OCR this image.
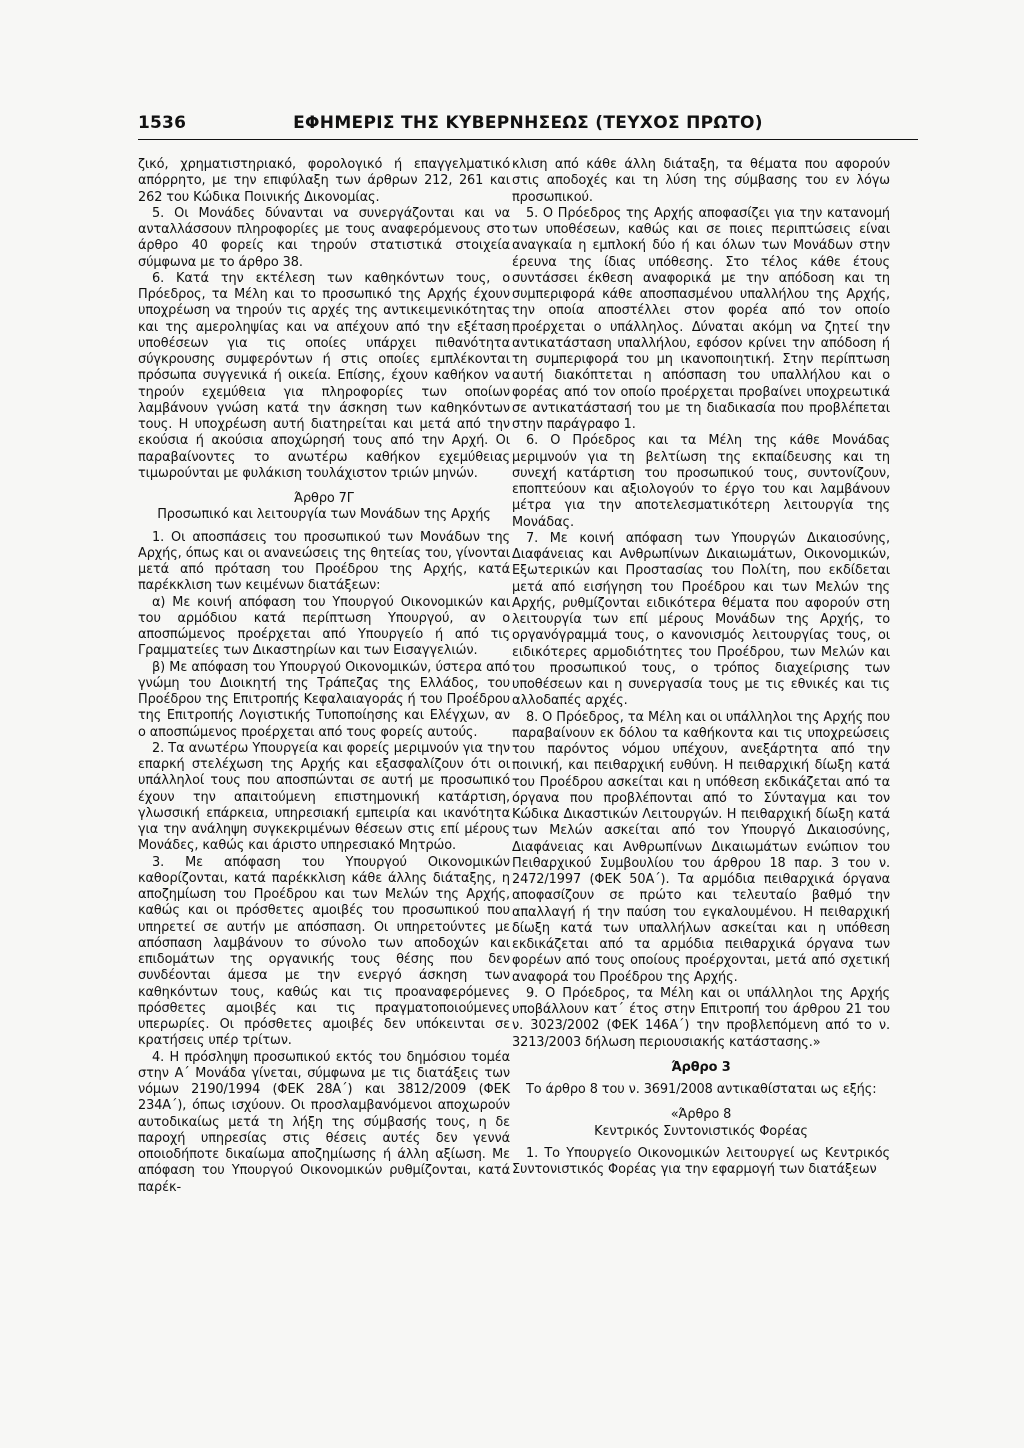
1536	ΕΦΗΜΕΡΙΣ ΤΗΣ ΚΥΒΕΡΝΗΣΕΩΣ (ΤΕΥΧΟΣ ΠΡΩΤΟ)

ζικό, χρηματιστηριακό, φορολογικό ή επαγγελματικό απόρρητο, με την επιφύλαξη των άρθρων 212, 261 και 262 του Κώδικα Ποινικής Δικονομίας.

5. Οι Μονάδες δύνανται να συνεργάζονται και να ανταλλάσσουν πληροφορίες με τους αναφερόμενους στο άρθρο 40 φορείς και τηρούν στατιστικά στοιχεία σύμφωνα με το άρθρο 38.

6. Κατά την εκτέλεση των καθηκόντων τους, ο Πρόεδρος, τα Μέλη και το προσωπικό της Αρχής έχουν υποχρέωση να τηρούν τις αρχές της αντικειμενικότητας και της αμεροληψίας και να απέχουν από την εξέταση υποθέσεων για τις οποίες υπάρχει πιθανότητα σύγκρουσης συμφερόντων ή στις οποίες εμπλέκονται πρόσωπα συγγενικά ή οικεία. Επίσης, έχουν καθήκον να τηρούν εχεμύθεια για πληροφορίες των οποίων λαμβάνουν γνώση κατά την άσκηση των καθηκόντων τους. Η υποχρέωση αυτή διατηρείται και μετά από την εκούσια ή ακούσια αποχώρησή τους από την Αρχή. Οι παραβαίνοντες το ανωτέρω καθήκον εχεμύθειας τιμωρούνται με φυλάκιση τουλάχιστον τριών μηνών.

Άρθρο 7Γ

Προσωπικό και λειτουργία των Μονάδων της Αρχής

1. Οι αποσπάσεις του προσωπικού των Μονάδων της Αρχής, όπως και οι ανανεώσεις της θητείας του, γίνονται μετά από πρόταση του Προέδρου της Αρχής, κατά παρέκκλιση των κειμένων διατάξεων:

α) Με κοινή απόφαση του Υπουργού Οικονομικών και του αρμόδιου κατά περίπτωση Υπουργού, αν ο αποσπώμενος προέρχεται από Υπουργείο ή από τις Γραμματείες των Δικαστηρίων και των Εισαγγελιών.

β) Με απόφαση του Υπουργού Οικονομικών, ύστερα από γνώμη του Διοικητή της Τράπεζας της Ελλάδος, του Προέδρου της Επιτροπής Κεφαλαιαγοράς ή του Προέδρου της Επιτροπής Λογιστικής Τυποποίησης και Ελέγχων, αν ο αποσπώμενος προέρχεται από τους φορείς αυτούς.

2. Τα ανωτέρω Υπουργεία και φορείς μεριμνούν για την επαρκή στελέχωση της Αρχής και εξασφαλίζουν ότι οι υπάλληλοί τους που αποσπώνται σε αυτή με προσωπικό έχουν την απαιτούμενη επιστημονική κατάρτιση, γλωσσική επάρκεια, υπηρεσιακή εμπειρία και ικανότητα για την ανάληψη συγκεκριμένων θέσεων στις επί μέρους Μονάδες, καθώς και άριστο υπηρεσιακό Μητρώο.

3. Με απόφαση του Υπουργού Οικονομικών καθορίζονται, κατά παρέκκλιση κάθε άλλης διάταξης, η αποζημίωση του Προέδρου και των Μελών της Αρχής, καθώς και οι πρόσθετες αμοιβές του προσωπικού που υπηρετεί σε αυτήν με απόσπαση. Οι υπηρετούντες με απόσπαση λαμβάνουν το σύνολο των αποδοχών και επιδομάτων της οργανικής τους θέσης που δεν συνδέονται άμεσα με την ενεργό άσκηση των καθηκόντων τους, καθώς και τις προαναφερόμενες πρόσθετες αμοιβές και τις πραγματοποιούμενες υπερωρίες. Οι πρόσθετες αμοιβές δεν υπόκεινται σε κρατήσεις υπέρ τρίτων.

4. Η πρόσληψη προσωπικού εκτός του δημόσιου τομέα στην Α΄ Μονάδα γίνεται, σύμφωνα με τις διατάξεις των νόμων 2190/1994 (ΦΕΚ 28Α΄) και 3812/2009 (ΦΕΚ 234Α΄), όπως ισχύουν. Οι προσλαμβανόμενοι αποχωρούν αυτοδικαίως μετά τη λήξη της σύμβασής τους, η δε παροχή υπηρεσίας στις θέσεις αυτές δεν γεννά οποιοδήποτε δικαίωμα αποζημίωσης ή άλλη αξίωση. Με απόφαση του Υπουργού Οικονομικών ρυθμίζονται, κατά παρέκ-

κλιση από κάθε άλλη διάταξη, τα θέματα που αφορούν στις αποδοχές και τη λύση της σύμβασης του εν λόγω προσωπικού.

5. Ο Πρόεδρος της Αρχής αποφασίζει για την κατανομή των υποθέσεων, καθώς και σε ποιες περιπτώσεις είναι αναγκαία η εμπλοκή δύο ή και όλων των Μονάδων στην έρευνα της ίδιας υπόθεσης. Στο τέλος κάθε έτους συντάσσει έκθεση αναφορικά με την απόδοση και τη συμπεριφορά κάθε αποσπασμένου υπαλλήλου της Αρχής, την οποία αποστέλλει στον φορέα από τον οποίο προέρχεται ο υπάλληλος. Δύναται ακόμη να ζητεί την αντικατάσταση υπαλλήλου, εφόσον κρίνει την απόδοση ή τη συμπεριφορά του μη ικανοποιητική. Στην περίπτωση αυτή διακόπτεται η απόσπαση του υπαλλήλου και ο φορέας από τον οποίο προέρχεται προβαίνει υποχρεωτικά σε αντικατάστασή του με τη διαδικασία που προβλέπεται στην παράγραφο 1.

6. Ο Πρόεδρος και τα Μέλη της κάθε Μονάδας μεριμνούν για τη βελτίωση της εκπαίδευσης και τη συνεχή κατάρτιση του προσωπικού τους, συντονίζουν, εποπτεύουν και αξιολογούν το έργο του και λαμβάνουν μέτρα για την αποτελεσματικότερη λειτουργία της Μονάδας.

7. Με κοινή απόφαση των Υπουργών Δικαιοσύνης, Διαφάνειας και Ανθρωπίνων Δικαιωμάτων, Οικονομικών, Εξωτερικών και Προστασίας του Πολίτη, που εκδίδεται μετά από εισήγηση του Προέδρου και των Μελών της Αρχής, ρυθμίζονται ειδικότερα θέματα που αφορούν στη λειτουργία των επί μέρους Μονάδων της Αρχής, το οργανόγραμμά τους, ο κανονισμός λειτουργίας τους, οι ειδικότερες αρμοδιότητες του Προέδρου, των Μελών και του προσωπικού τους, ο τρόπος διαχείρισης των υποθέσεων και η συνεργασία τους με τις εθνικές και τις αλλοδαπές αρχές.

8. Ο Πρόεδρος, τα Μέλη και οι υπάλληλοι της Αρχής που παραβαίνουν εκ δόλου τα καθήκοντα και τις υποχρεώσεις του παρόντος νόμου υπέχουν, ανεξάρτητα από την ποινική, και πειθαρχική ευθύνη. Η πειθαρχική δίωξη κατά του Προέδρου ασκείται και η υπόθεση εκδικάζεται από τα όργανα που προβλέπονται από το Σύνταγμα και τον Κώδικα Δικαστικών Λειτουργών. Η πειθαρχική δίωξη κατά των Μελών ασκείται από τον Υπουργό Δικαιοσύνης, Διαφάνειας και Ανθρωπίνων Δικαιωμάτων ενώπιον του Πειθαρχικού Συμβουλίου του άρθρου 18 παρ. 3 του ν. 2472/1997 (ΦΕΚ 50Α΄). Τα αρμόδια πειθαρχικά όργανα αποφασίζουν σε πρώτο και τελευταίο βαθμό την απαλλαγή ή την παύση του εγκαλουμένου. Η πειθαρχική δίωξη κατά των υπαλλήλων ασκείται και η υπόθεση εκδικάζεται από τα αρμόδια πειθαρχικά όργανα των φορέων από τους οποίους προέρχονται, μετά από σχετική αναφορά του Προέδρου της Αρχής.

9. Ο Πρόεδρος, τα Μέλη και οι υπάλληλοι της Αρχής υποβάλλουν κατ΄ έτος στην Επιτροπή του άρθρου 21 του ν. 3023/2002 (ΦΕΚ 146Α΄) την προβλεπόμενη από το ν. 3213/2003 δήλωση περιουσιακής κατάστασης.»

Άρθρο 3

Το άρθρο 8 του ν. 3691/2008 αντικαθίσταται ως εξής:

«Άρθρο 8

Κεντρικός Συντονιστικός Φορέας

1. Το Υπουργείο Οικονομικών λειτουργεί ως Κεντρικός Συντονιστικός Φορέας για την εφαρμογή των διατάξεων
